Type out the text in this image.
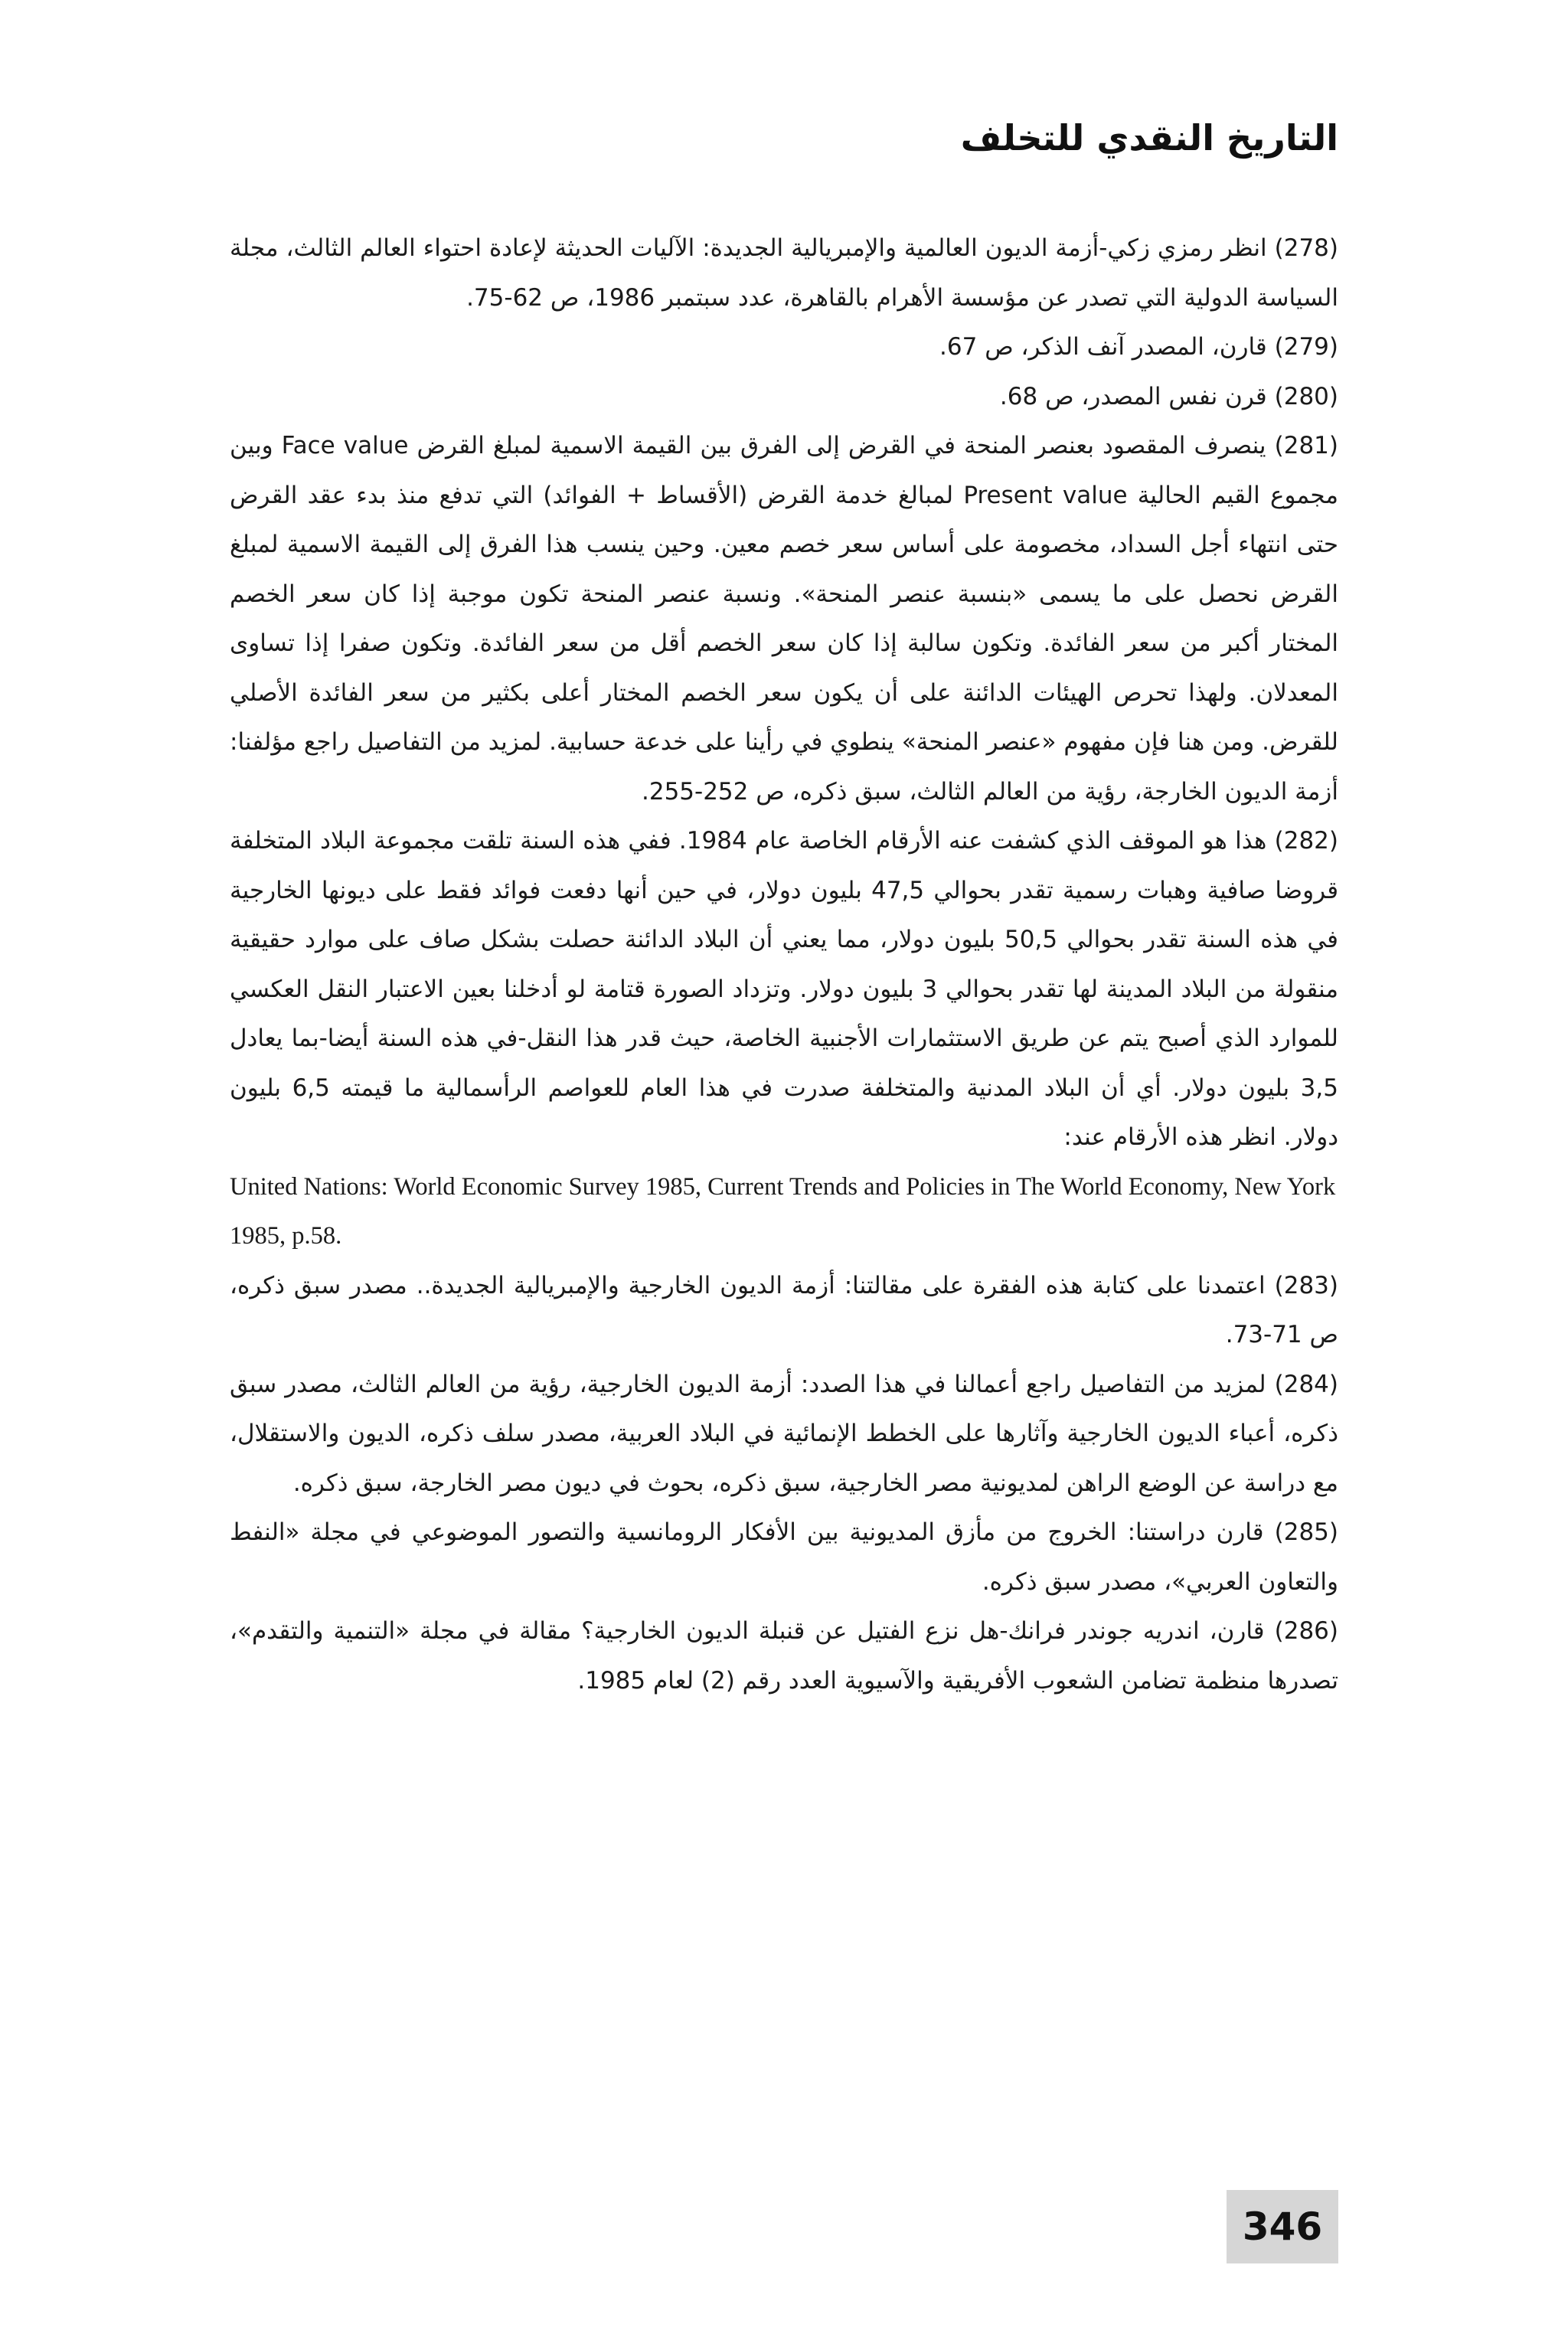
التاريخ النقدي للتخلف

(278) انظر رمزي زكي-أزمة الديون العالمية والإمبريالية الجديدة: الآليات الحديثة لإعادة احتواء العالم الثالث، مجلة السياسة الدولية التي تصدر عن مؤسسة الأهرام بالقاهرة، عدد سبتمبر 1986، ص 62-75.

(279) قارن، المصدر آنف الذكر، ص 67.

(280) قرن نفس المصدر، ص 68.

(281) ينصرف المقصود بعنصر المنحة في القرض إلى الفرق بين القيمة الاسمية لمبلغ القرض Face value وبين مجموع القيم الحالية Present value لمبالغ خدمة القرض (الأقساط + الفوائد) التي تدفع منذ بدء عقد القرض حتى انتهاء أجل السداد، مخصومة على أساس سعر خصم معين. وحين ينسب هذا الفرق إلى القيمة الاسمية لمبلغ القرض نحصل على ما يسمى «بنسبة عنصر المنحة». ونسبة عنصر المنحة تكون موجبة إذا كان سعر الخصم المختار أكبر من سعر الفائدة. وتكون سالبة إذا كان سعر الخصم أقل من سعر الفائدة. وتكون صفرا إذا تساوى المعدلان. ولهذا تحرص الهيئات الدائنة على أن يكون سعر الخصم المختار أعلى بكثير من سعر الفائدة الأصلي للقرض. ومن هنا فإن مفهوم «عنصر المنحة» ينطوي في رأينا على خدعة حسابية. لمزيد من التفاصيل راجع مؤلفنا: أزمة الديون الخارجة، رؤية من العالم الثالث، سبق ذكره، ص 252-255.

(282) هذا هو الموقف الذي كشفت عنه الأرقام الخاصة عام 1984. ففي هذه السنة تلقت مجموعة البلاد المتخلفة قروضا صافية وهبات رسمية تقدر بحوالي 47,5 بليون دولار، في حين أنها دفعت فوائد فقط على ديونها الخارجية في هذه السنة تقدر بحوالي 50,5 بليون دولار، مما يعني أن البلاد الدائنة حصلت بشكل صاف على موارد حقيقية منقولة من البلاد المدينة لها تقدر بحوالي 3 بليون دولار. وتزداد الصورة قتامة لو أدخلنا بعين الاعتبار النقل العكسي للموارد الذي أصبح يتم عن طريق الاستثمارات الأجنبية الخاصة، حيث قدر هذا النقل-في هذه السنة أيضا-بما يعادل 3,5 بليون دولار. أي أن البلاد المدنية والمتخلفة صدرت في هذا العام للعواصم الرأسمالية ما قيمته 6,5 بليون دولار. انظر هذه الأرقام عند:

United Nations: World Economic Survey 1985, Current Trends and Policies in The World Economy, New York 1985, p.58.

(283) اعتمدنا على كتابة هذه الفقرة على مقالتنا: أزمة الديون الخارجية والإمبريالية الجديدة.. مصدر سبق ذكره، ص 71-73.

(284) لمزيد من التفاصيل راجع أعمالنا في هذا الصدد: أزمة الديون الخارجية، رؤية من العالم الثالث، مصدر سبق ذكره، أعباء الديون الخارجية وآثارها على الخطط الإنمائية في البلاد العربية، مصدر سلف ذكره، الديون والاستقلال، مع دراسة عن الوضع الراهن لمديونية مصر الخارجية، سبق ذكره، بحوث في ديون مصر الخارجة، سبق ذكره.

(285) قارن دراستنا: الخروج من مأزق المديونية بين الأفكار الرومانسية والتصور الموضوعي في مجلة «النفط والتعاون العربي»، مصدر سبق ذكره.

(286) قارن، اندريه جوندر فرانك-هل نزع الفتيل عن قنبلة الديون الخارجية؟ مقالة في مجلة «التنمية والتقدم»، تصدرها منظمة تضامن الشعوب الأفريقية والآسيوية العدد رقم (2) لعام 1985.

346
